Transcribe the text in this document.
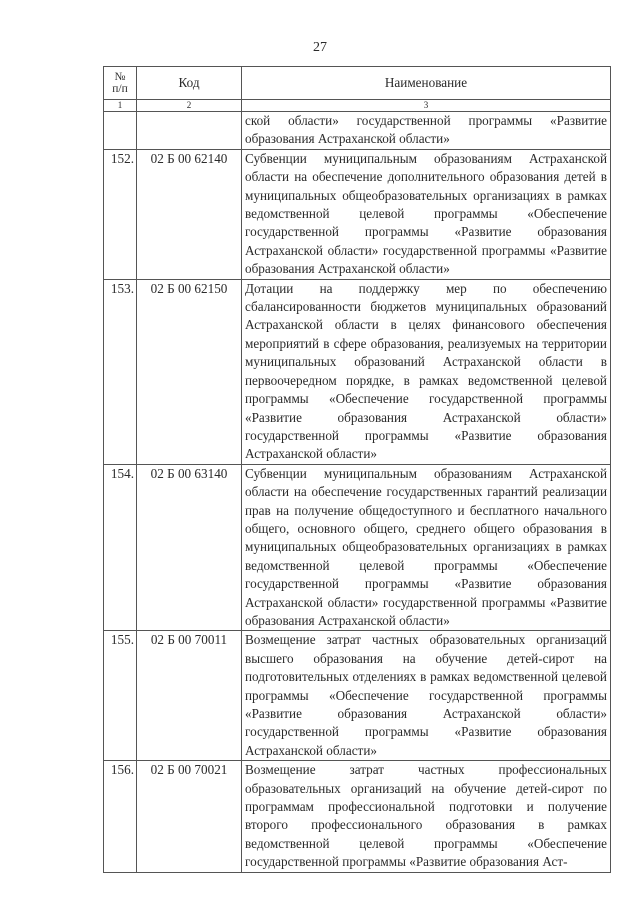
27
№
п/п	Код	Наименование
1	2	3
		ской области» государственной программы «Развитие образования Астраханской области»
152.	02 Б 00 62140	Субвенции муниципальным образованиям Астраханской области на обеспечение дополнительного образования детей в муниципальных общеобразовательных организациях в рамках ведомственной целевой программы «Обеспечение государственной программы «Развитие образования Астраханской области» государственной программы «Развитие образования Астраханской области»
153.	02 Б 00 62150	Дотации на поддержку мер по обеспечению сбалансированности бюджетов муниципальных образований Астраханской области в целях финансового обеспечения мероприятий в сфере образования, реализуемых на территории муниципальных образований Астраханской области в первоочередном порядке, в рамках ведомственной целевой программы «Обеспечение государственной программы «Развитие образования Астраханской области» государственной программы «Развитие образования Астраханской области»
154.	02 Б 00 63140	Субвенции муниципальным образованиям Астраханской области на обеспечение государственных гарантий реализации прав на получение общедоступного и бесплатного начального общего, основного общего, среднего общего образования в муниципальных общеобразовательных организациях в рамках ведомственной целевой программы «Обеспечение государственной программы «Развитие образования Астраханской области» государственной программы «Развитие образования Астраханской области»
155.	02 Б 00 70011	Возмещение затрат частных образовательных организаций высшего образования на обучение детей-сирот на подготовительных отделениях в рамках ведомственной целевой программы «Обеспечение государственной программы «Развитие образования Астраханской области» государственной программы «Развитие образования Астраханской области»
156.	02 Б 00 70021	Возмещение затрат частных профессиональных образовательных организаций на обучение детей-сирот по программам профессиональной подготовки и получение второго профессионального образования в рамках ведомственной целевой программы «Обеспечение государственной программы «Развитие образования Аст-
